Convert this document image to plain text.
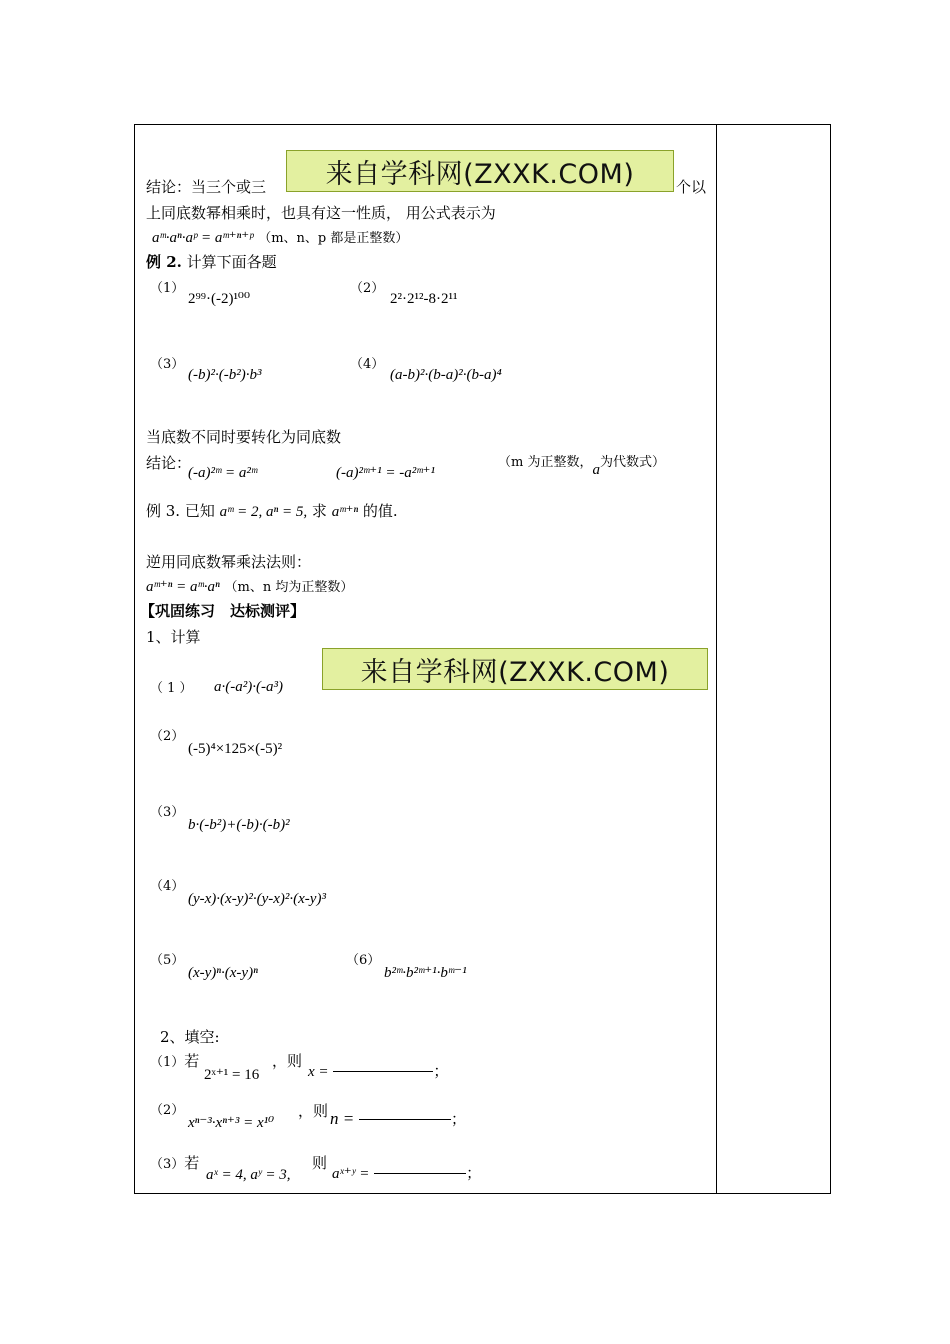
结论：当三个或三	个以
来自学科网(ZXXK.COM)
上同底数幂相乘时，也具有这一性质， 用公式表示为
aᵐ·aⁿ·aᵖ = aᵐ⁺ⁿ⁺ᵖ （m、n、p 都是正整数）
例 2. 计算下面各题
（1）
2⁹⁹·(-2)¹⁰⁰
（2）
2²·2¹²-8·2¹¹
（3）
(-b)²·(-b²)·b³
（4）
(a-b)²·(b-a)²·(b-a)⁴
当底数不同时要转化为同底数
结论：
(-a)²ᵐ = a²ᵐ	(-a)²ᵐ⁺¹ = -a²ᵐ⁺¹
（m 为正整数，a为代数式）
例 3. 已知 aᵐ = 2, aⁿ = 5, 求 aᵐ⁺ⁿ 的值.
逆用同底数幂乘法法则：
aᵐ⁺ⁿ = aᵐ·aⁿ （m、n 均为正整数）
【巩固练习　达标测评】
1、计算
（ 1 ） a·(-a²)·(-a³)	来自学科网(ZXXK.COM)
（2）
(-5)⁴×125×(-5)²
（3）
b·(-b²)+(-b)·(-b)²
（4）
(y-x)·(x-y)²·(y-x)²·(x-y)³
（5）
(x-y)ⁿ·(x-y)ⁿ
（6）
b²ᵐ·b²ᵐ⁺¹·bᵐ⁻¹
2、填空:
（1）若
2ˣ⁺¹ = 16
，则
x =	；
（2）
xⁿ⁻³·xⁿ⁺³ = x¹⁰
，则 n =	；
（3）若
aˣ = 4, aʸ = 3,
则
aˣ⁺ʸ =	；
